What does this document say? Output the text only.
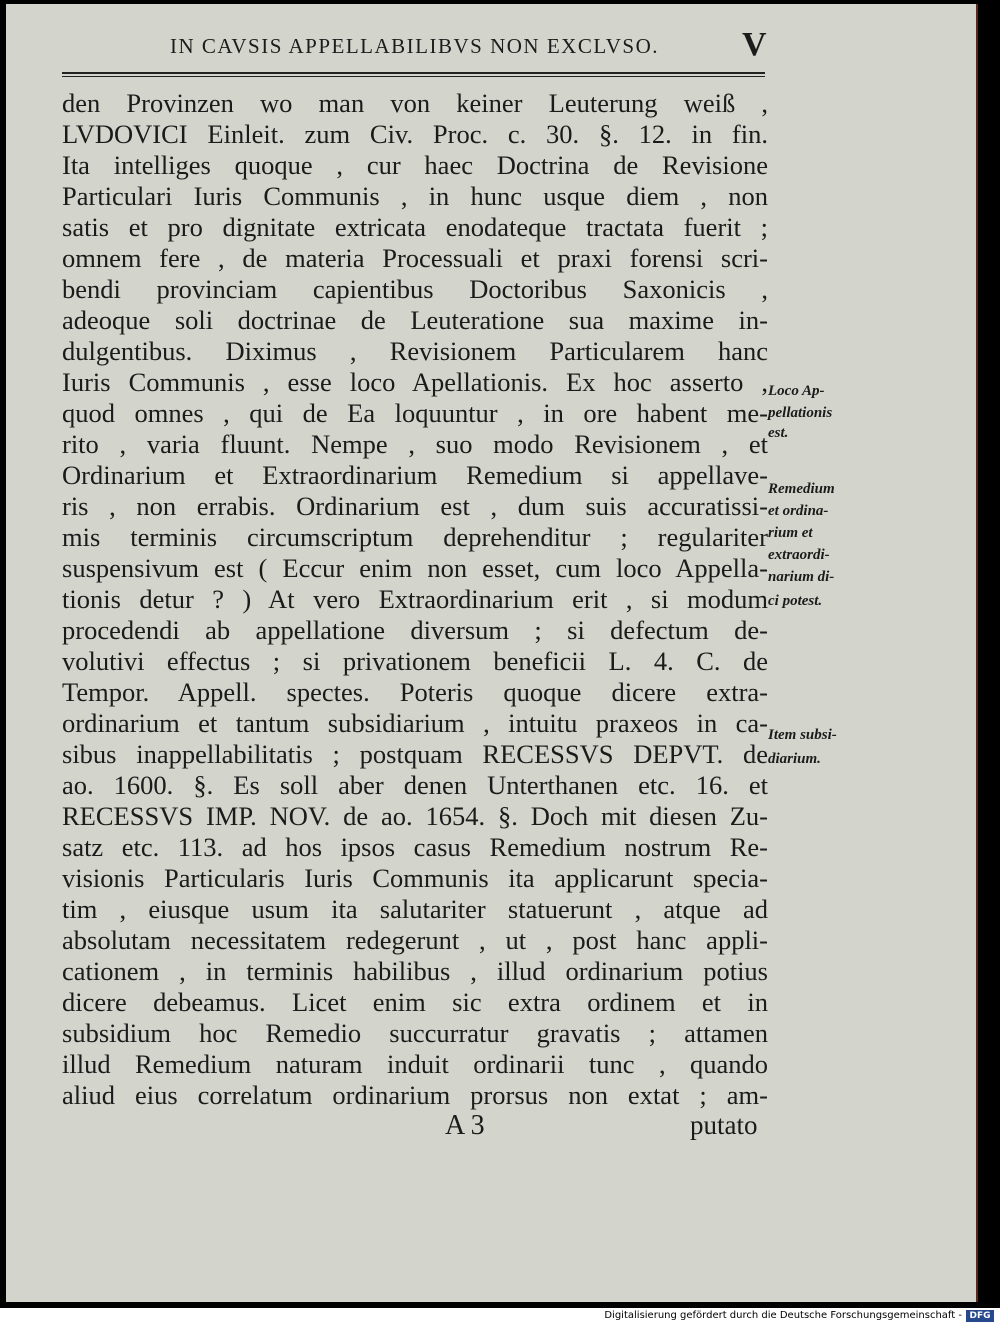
IN CAVSIS APPELLABILIBVS NON EXCLVSO. V
den Provinzen wo man von keiner Leuterung weiß ,
LVDOVICI Einleit. zum Civ. Proc. c. 30. §. 12. in fin.
Ita intelliges quoque , cur haec Doctrina de Revisione
Particulari Iuris Communis , in hunc usque diem , non
satis et pro dignitate extricata enodateque tractata fuerit ;
omnem fere , de materia Processuali et praxi forensi scri-
bendi provinciam capientibus Doctoribus Saxonicis ,
adeoque soli doctrinae de Leuteratione sua maxime in-
dulgentibus. Diximus , Revisionem Particularem hanc
Iuris Communis , esse loco Apellationis. Ex hoc asserto ,
quod omnes , qui de Ea loquuntur , in ore habent me-
rito , varia fluunt. Nempe , suo modo Revisionem , et
Ordinarium et Extraordinarium Remedium si appellave-
ris , non errabis. Ordinarium est , dum suis accuratissi-
mis terminis circumscriptum deprehenditur ; regulariter
suspensivum est ( Eccur enim non esset, cum loco Appella-
tionis detur ? ) At vero Extraordinarium erit , si modum
procedendi ab appellatione diversum ; si defectum de-
volutivi effectus ; si privationem beneficii L. 4. C. de
Tempor. Appell. spectes. Poteris quoque dicere extra-
ordinarium et tantum subsidiarium , intuitu praxeos in ca-
sibus inappellabilitatis ; postquam RECESSVS DEPVT. de
ao. 1600. §. Es soll aber denen Unterthanen etc. 16. et
RECESSVS IMP. NOV. de ao. 1654. §. Doch mit diesen Zu-
satz etc. 113. ad hos ipsos casus Remedium nostrum Re-
visionis Particularis Iuris Communis ita applicarunt specia-
tim , eiusque usum ita salutariter statuerunt , atque ad
absolutam necessitatem redegerunt , ut , post hanc appli-
cationem , in terminis habilibus , illud ordinarium potius
dicere debeamus. Licet enim sic extra ordinem et in
subsidium hoc Remedio succurratur gravatis ; attamen
illud Remedium naturam induit ordinarii tunc , quando
aliud eius correlatum ordinarium prorsus non extat ; am-
Loco Ap-
pellationis
est.
Remedium
et ordina-
rium et
extraordi-
narium di-
ci potest.
Item subsi-
diarium.
A 3	putato
Digitalisierung gefördert durch die Deutsche Forschungsgemeinschaft - DFG
